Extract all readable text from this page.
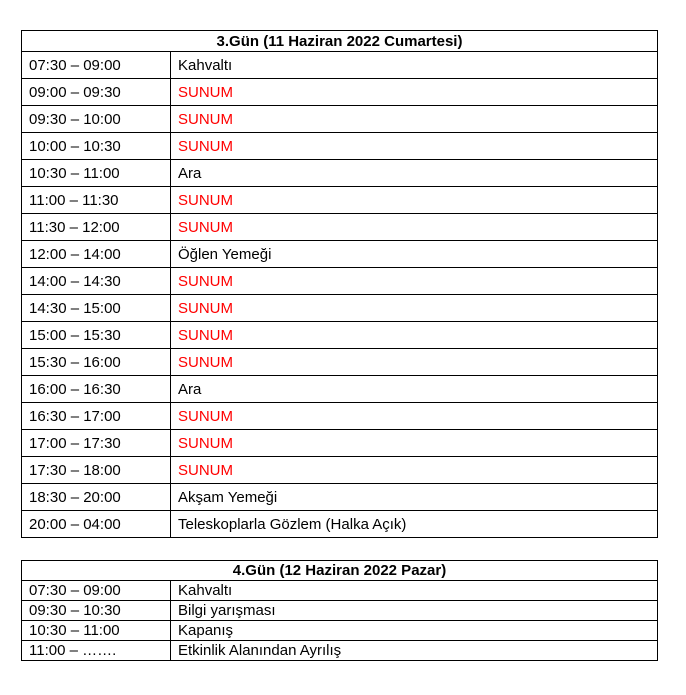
3.Gün (11 Haziran 2022 Cumartesi)	
07:30 – 09:00	Kahvaltı
09:00 – 09:30	SUNUM
09:30 – 10:00	SUNUM
10:00 – 10:30	SUNUM
10:30 – 11:00	Ara
11:00 – 11:30	SUNUM
11:30 – 12:00	SUNUM
12:00 – 14:00	Öğlen Yemeği
14:00 – 14:30	SUNUM
14:30 – 15:00	SUNUM
15:00 – 15:30	SUNUM
15:30 – 16:00	SUNUM
16:00 – 16:30	Ara
16:30 – 17:00	SUNUM
17:00 – 17:30	SUNUM
17:30 – 18:00	SUNUM
18:30 – 20:00	Akşam Yemeği
20:00 – 04:00	Teleskoplarla Gözlem (Halka Açık)
4.Gün (12 Haziran 2022 Pazar)	
07:30 – 09:00	Kahvaltı
09:30 – 10:30	Bilgi yarışması
10:30 – 11:00	Kapanış
11:00 – …….	Etkinlik Alanından Ayrılış
